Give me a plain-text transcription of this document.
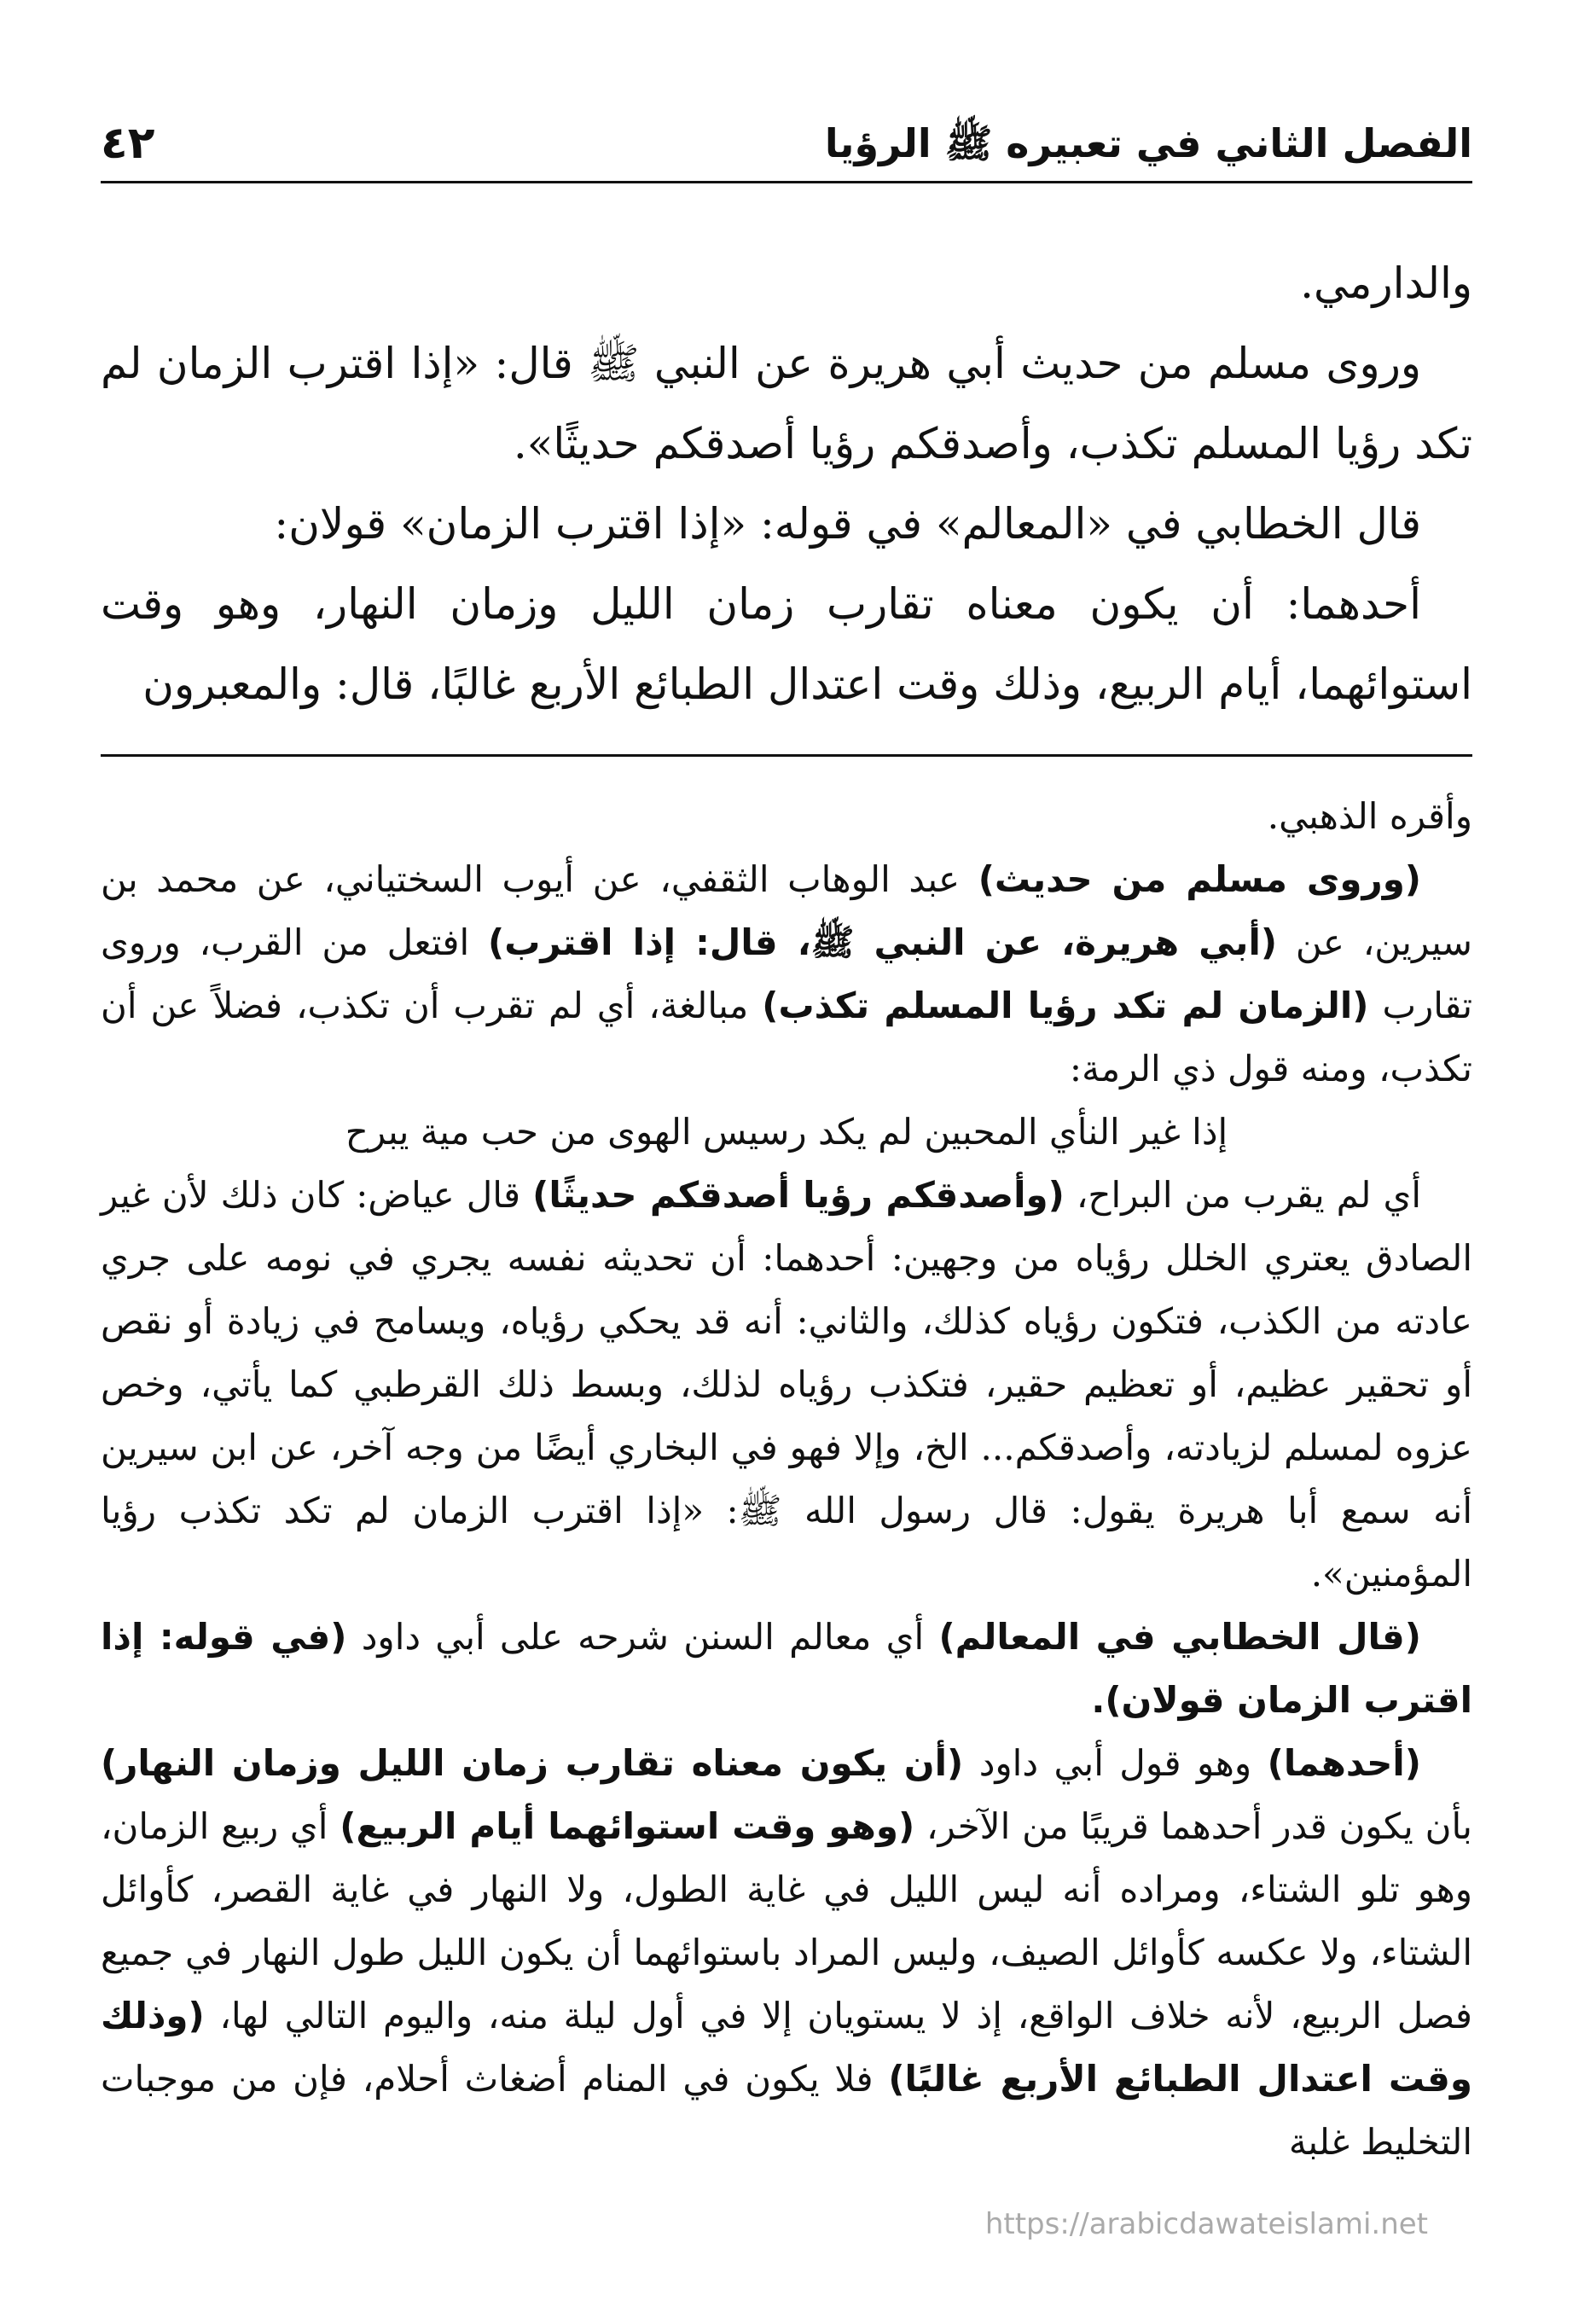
٤٢	الفصل الثاني في تعبيره ﷺ الرؤيا

والدارمي.

وروى مسلم من حديث أبي هريرة عن النبي ﷺ قال: «إذا اقترب الزمان لم تكد رؤيا المسلم تكذب، وأصدقكم رؤيا أصدقكم حديثًا».

قال الخطابي في «المعالم» في قوله: «إذا اقترب الزمان» قولان:

أحدهما: أن يكون معناه تقارب زمان الليل وزمان النهار، وهو وقت استوائهما، أيام الربيع، وذلك وقت اعتدال الطبائع الأربع غالبًا، قال: والمعبرون

وأقره الذهبي.

(وروى مسلم من حديث) عبد الوهاب الثقفي، عن أيوب السختياني، عن محمد بن سيرين، عن (أبي هريرة، عن النبي ﷺ، قال: إذا اقترب) افتعل من القرب، وروى تقارب (الزمان لم تكد رؤيا المسلم تكذب) مبالغة، أي لم تقرب أن تكذب، فضلاً عن أن تكذب، ومنه قول ذي الرمة:

إذا غير النأي المحبين لم يكد رسيس الهوى من حب مية يبرح

أي لم يقرب من البراح، (وأصدقكم رؤيا أصدقكم حديثًا) قال عياض: كان ذلك لأن غير الصادق يعتري الخلل رؤياه من وجهين: أحدهما: أن تحديثه نفسه يجري في نومه على جري عادته من الكذب، فتكون رؤياه كذلك، والثاني: أنه قد يحكي رؤياه، ويسامح في زيادة أو نقص أو تحقير عظيم، أو تعظيم حقير، فتكذب رؤياه لذلك، وبسط ذلك القرطبي كما يأتي، وخص عزوه لمسلم لزيادته، وأصدقكم... الخ، وإلا فهو في البخاري أيضًا من وجه آخر، عن ابن سيرين أنه سمع أبا هريرة يقول: قال رسول الله ﷺ: «إذا اقترب الزمان لم تكد تكذب رؤيا المؤمنين».

(قال الخطابي في المعالم) أي معالم السنن شرحه على أبي داود (في قوله: إذا اقترب الزمان قولان).

(أحدهما) وهو قول أبي داود (أن يكون معناه تقارب زمان الليل وزمان النهار) بأن يكون قدر أحدهما قريبًا من الآخر، (وهو وقت استوائهما أيام الربيع) أي ربيع الزمان، وهو تلو الشتاء، ومراده أنه ليس الليل في غاية الطول، ولا النهار في غاية القصر، كأوائل الشتاء، ولا عكسه كأوائل الصيف، وليس المراد باستوائهما أن يكون الليل طول النهار في جميع فصل الربيع، لأنه خلاف الواقع، إذ لا يستويان إلا في أول ليلة منه، واليوم التالي لها، (وذلك وقت اعتدال الطبائع الأربع غالبًا) فلا يكون في المنام أضغاث أحلام، فإن من موجبات التخليط غلبة

https://arabicdawateislami.net
